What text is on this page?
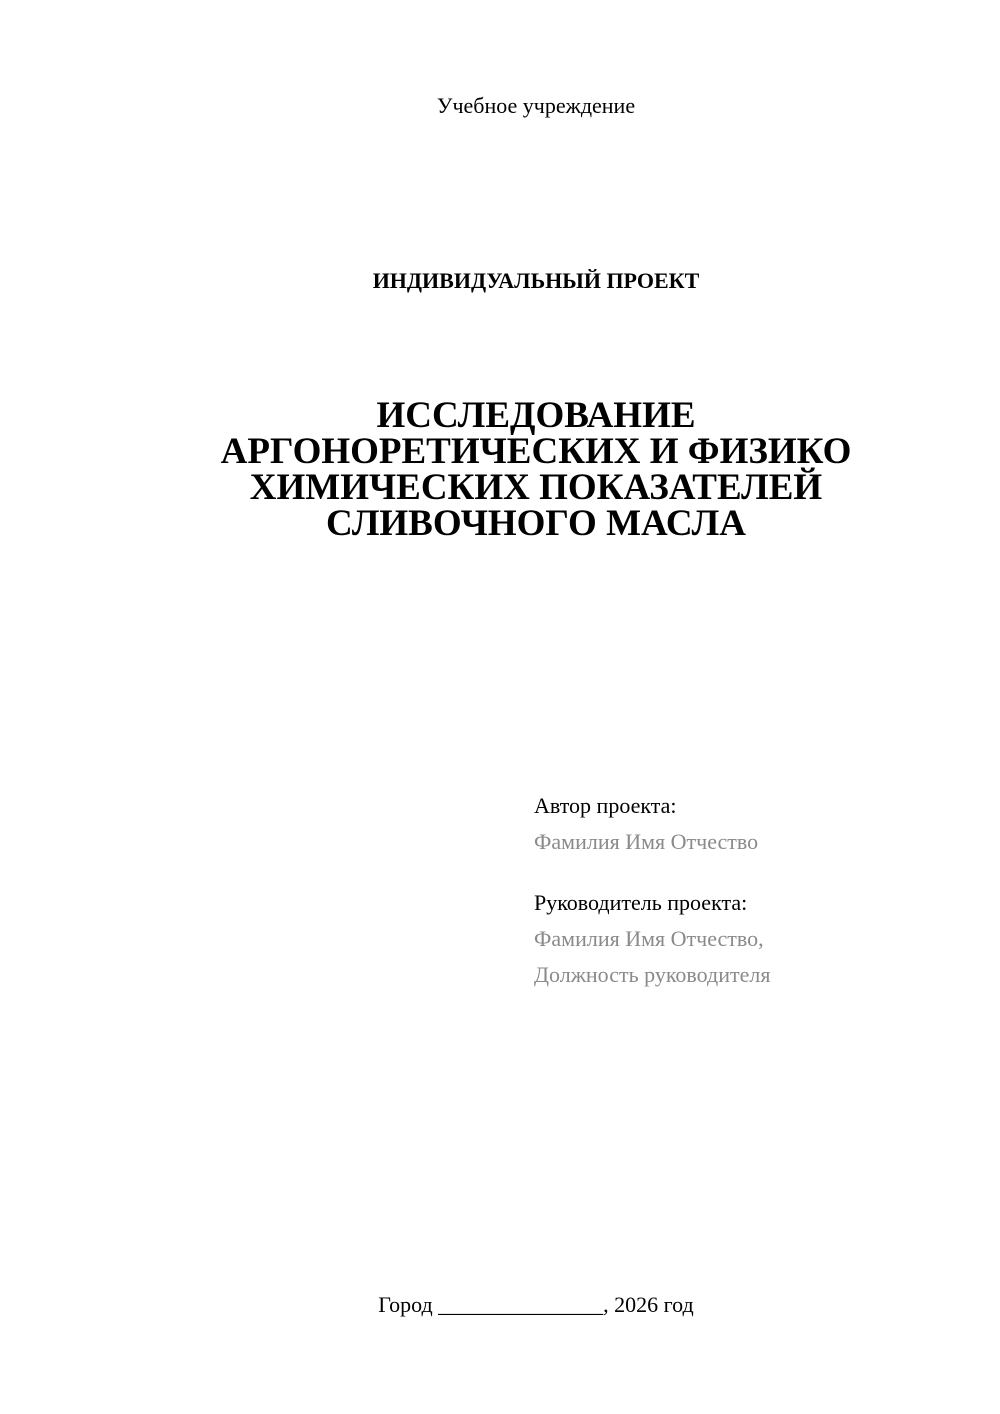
Учебное учреждение
ИНДИВИДУАЛЬНЫЙ ПРОЕКТ
ИССЛЕДОВАНИЕ
АРГОНОРЕТИЧЕСКИХ И ФИЗИКО
ХИМИЧЕСКИХ ПОКАЗАТЕЛЕЙ
СЛИВОЧНОГО МАСЛА
Автор проекта:
Фамилия Имя Отчество
Руководитель проекта:
Фамилия Имя Отчество,
Должность руководителя
Город _______________, 2026 год
